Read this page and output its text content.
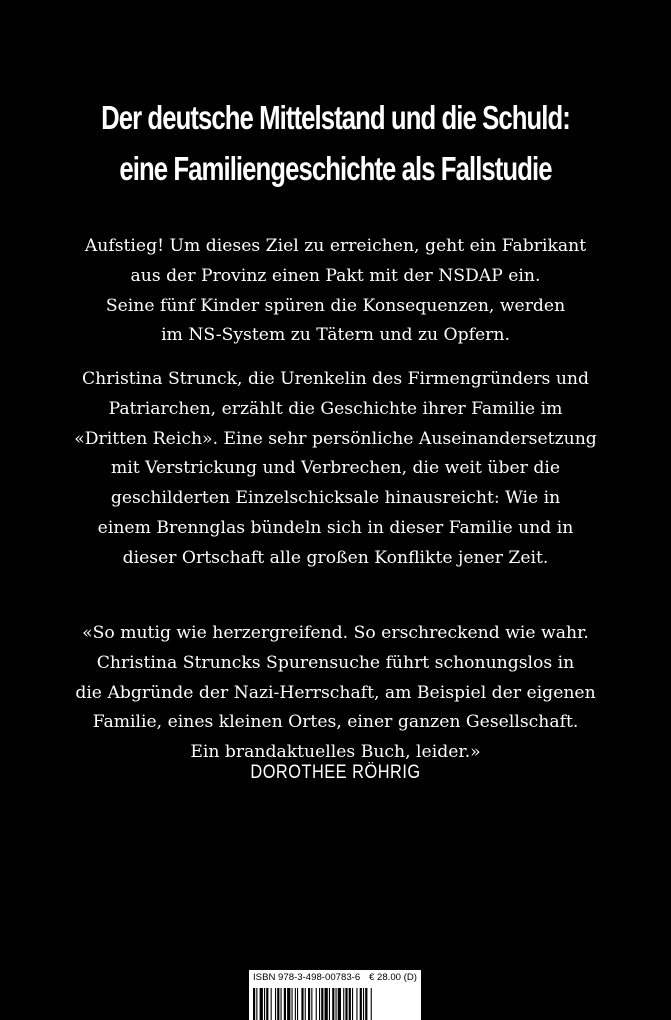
Der deutsche Mittelstand und die Schuld:
eine Familiengeschichte als Fallstudie
Aufstieg! Um dieses Ziel zu erreichen, geht ein Fabrikant
aus der Provinz einen Pakt mit der NSDAP ein.
Seine fünf Kinder spüren die Konsequenzen, werden
im NS-System zu Tätern und zu Opfern.
Christina Strunck, die Urenkelin des Firmengründers und
Patriarchen, erzählt die Geschichte ihrer Familie im
«Dritten Reich». Eine sehr persönliche Auseinandersetzung
mit Verstrickung und Verbrechen, die weit über die
geschilderten Einzelschicksale hinausreicht: Wie in
einem Brennglas bündeln sich in dieser Familie und in
dieser Ortschaft alle großen Konflikte jener Zeit.
«So mutig wie herzergreifend. So erschreckend wie wahr.
Christina Struncks Spurensuche führt schonungslos in
die Abgründe der Nazi-Herrschaft, am Beispiel der eigenen
Familie, eines kleinen Ortes, einer ganzen Gesellschaft.
Ein brandaktuelles Buch, leider.»
DOROTHEE RÖHRIG
ISBN 978-3-498-00783-6 € 28.00 (D)
